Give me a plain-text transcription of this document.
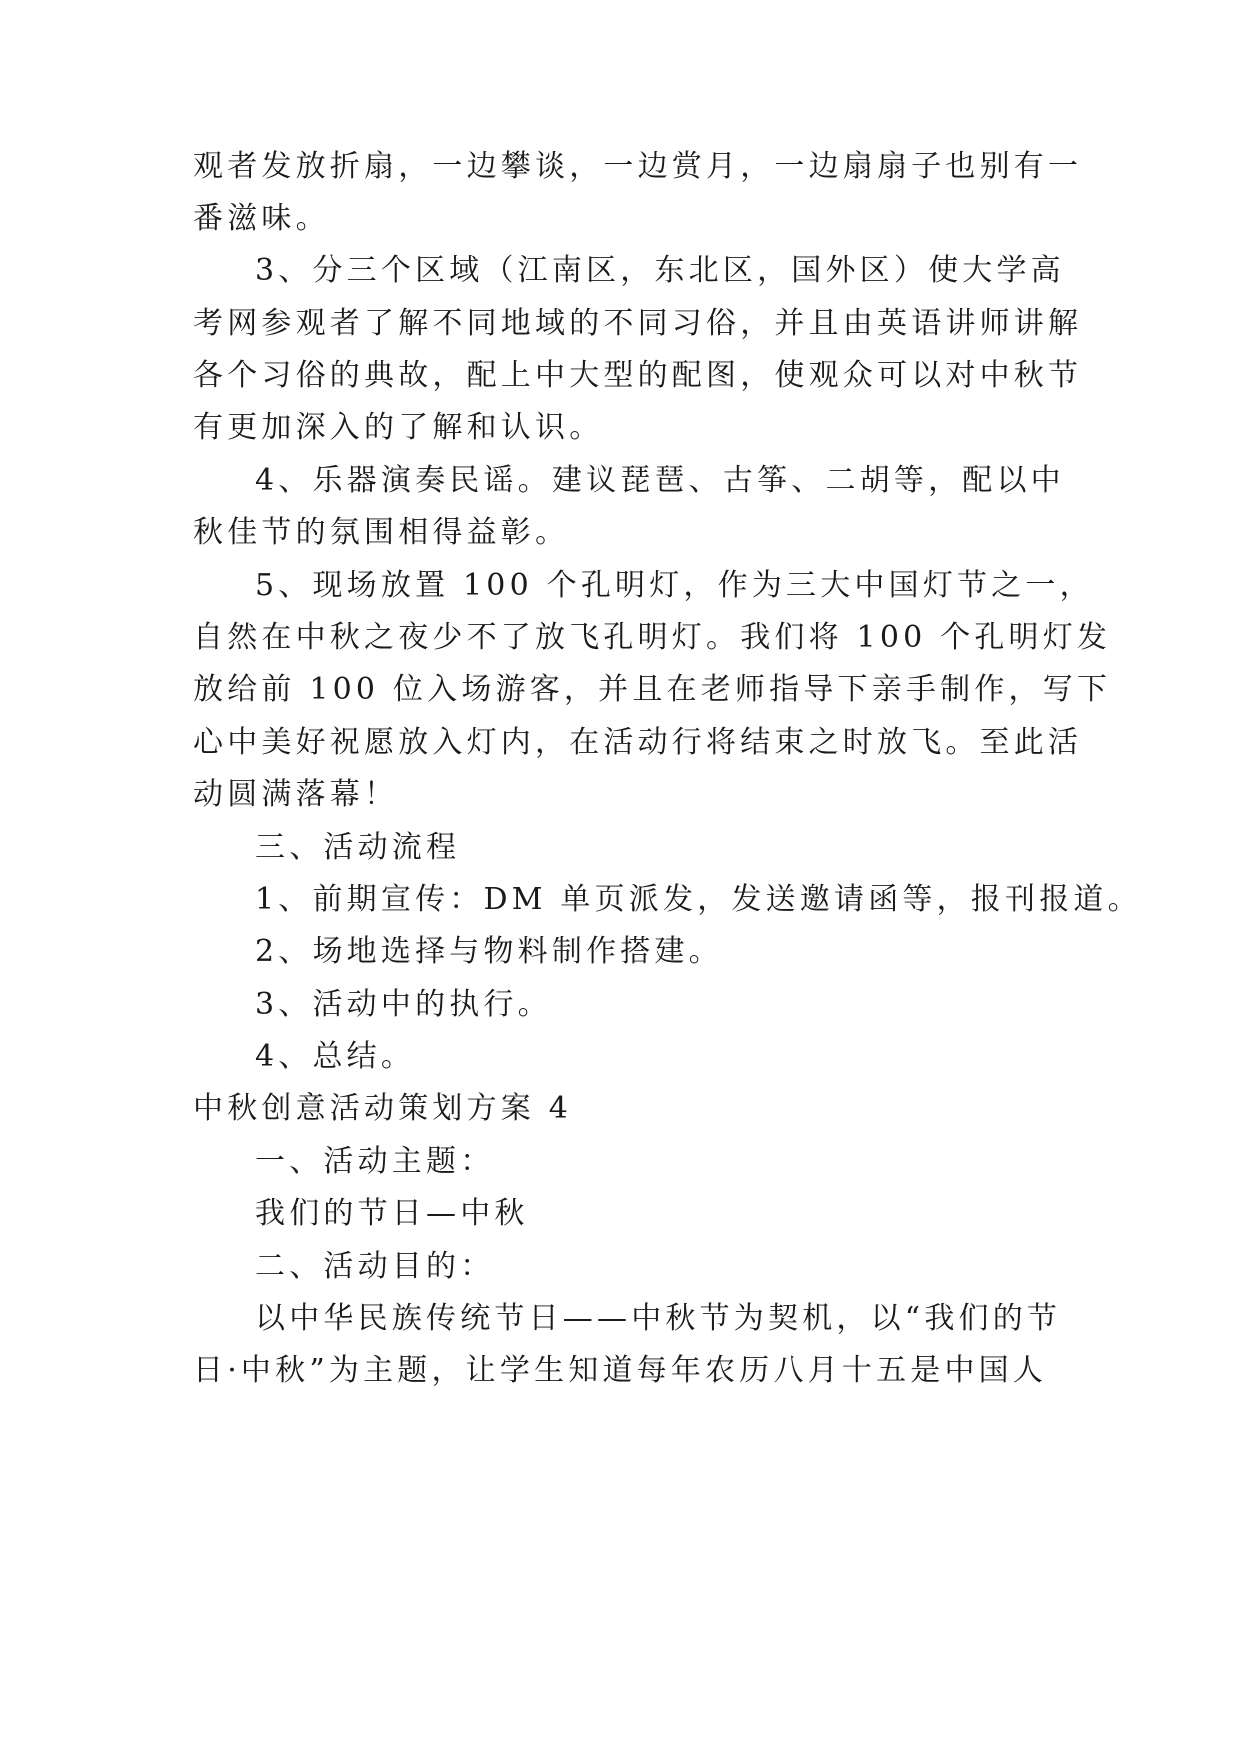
观者发放折扇，一边攀谈，一边赏月，一边扇扇子也别有一
番滋味。
3、分三个区域（江南区，东北区，国外区）使大学高
考网参观者了解不同地域的不同习俗，并且由英语讲师讲解
各个习俗的典故，配上中大型的配图，使观众可以对中秋节
有更加深入的了解和认识。
4、乐器演奏民谣。建议琵琶、古筝、二胡等，配以中
秋佳节的氛围相得益彰。
5、现场放置 100 个孔明灯，作为三大中国灯节之一，
自然在中秋之夜少不了放飞孔明灯。我们将 100 个孔明灯发
放给前 100 位入场游客，并且在老师指导下亲手制作，写下
心中美好祝愿放入灯内，在活动行将结束之时放飞。至此活
动圆满落幕！
三、活动流程
1、前期宣传：DM 单页派发，发送邀请函等，报刊报道。
2、场地选择与物料制作搭建。
3、活动中的执行。
4、总结。
中秋创意活动策划方案 4
一、活动主题：
我们的节日—中秋
二、活动目的：
以中华民族传统节日——中秋节为契机，以“我们的节
日·中秋”为主题，让学生知道每年农历八月十五是中国人
